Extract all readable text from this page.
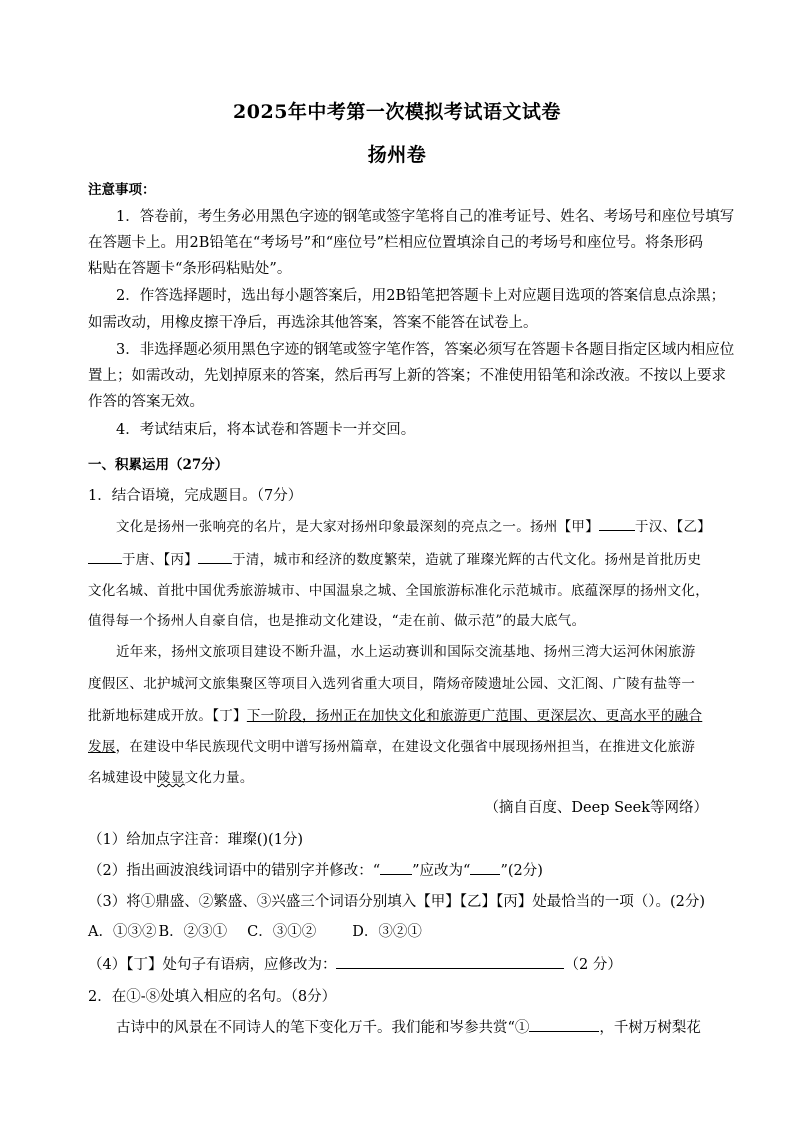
2025年中考第一次模拟考试语文试卷
扬州卷
注意事项：
1．答卷前，考生务必用黑色字迹的钢笔或签字笔将自己的准考证号、姓名、考场号和座位号填写
在答题卡上。用2B铅笔在“考场号”和“座位号”栏相应位置填涂自己的考场号和座位号。将条形码
粘贴在答题卡“条形码粘贴处”。
2．作答选择题时，选出每小题答案后，用2B铅笔把答题卡上对应题目选项的答案信息点涂黑；
如需改动，用橡皮擦干净后，再选涂其他答案，答案不能答在试卷上。
3．非选择题必须用黑色字迹的钢笔或签字笔作答，答案必须写在答题卡各题目指定区域内相应位
置上；如需改动，先划掉原来的答案，然后再写上新的答案；不准使用铅笔和涂改液。不按以上要求
作答的答案无效。
4．考试结束后，将本试卷和答题卡一并交回。
一、积累运用（27分）
1．结合语境，完成题目。（7分）
文化是扬州一张响亮的名片，是大家对扬州印象最深刻的亮点之一。扬州【甲】	于汉、【乙】
于唐、【丙】	于清，城市和经济的数度繁荣，造就了璀璨光辉的古代文化。扬州是首批历史
文化名城、首批中国优秀旅游城市、中国温泉之城、全国旅游标准化示范城市。底蕴深厚的扬州文化，
值得每一个扬州人自豪自信，也是推动文化建设，“走在前、做示范”的最大底气。
近年来，扬州文旅项目建设不断升温，水上运动赛训和国际交流基地、扬州三湾大运河休闲旅游
度假区、北护城河文旅集聚区等项目入选列省重大项目，隋炀帝陵遗址公园、文汇阁、广陵有盐等一
批新地标建成开放。【丁】下一阶段，扬州正在加快文化和旅游更广范围、更深层次、更高水平的融合
发展，在建设中华民族现代文明中谱写扬州篇章，在建设文化强省中展现扬州担当，在推进文化旅游
名城建设中陵显文化力量。
（摘自百度、Deep Seek等网络）
（1）给加点字注音：璀璨()(1分)
（2）指出画波浪线词语中的错别字并修改：“ ”应改为“ ”(2分)
（3）将①鼎盛、②繁盛、③兴盛三个词语分别填入【甲】【乙】【丙】处最恰当的一项（）。(2分)
A．①③② B．②③① C．③①② D．③②①
（4）【丁】处句子有语病，应修改为：	（2 分）
2．在①-⑧处填入相应的名句。（8分）
古诗中的风景在不同诗人的笔下变化万千。我们能和岑参共赏“①	，千树万树梨花
